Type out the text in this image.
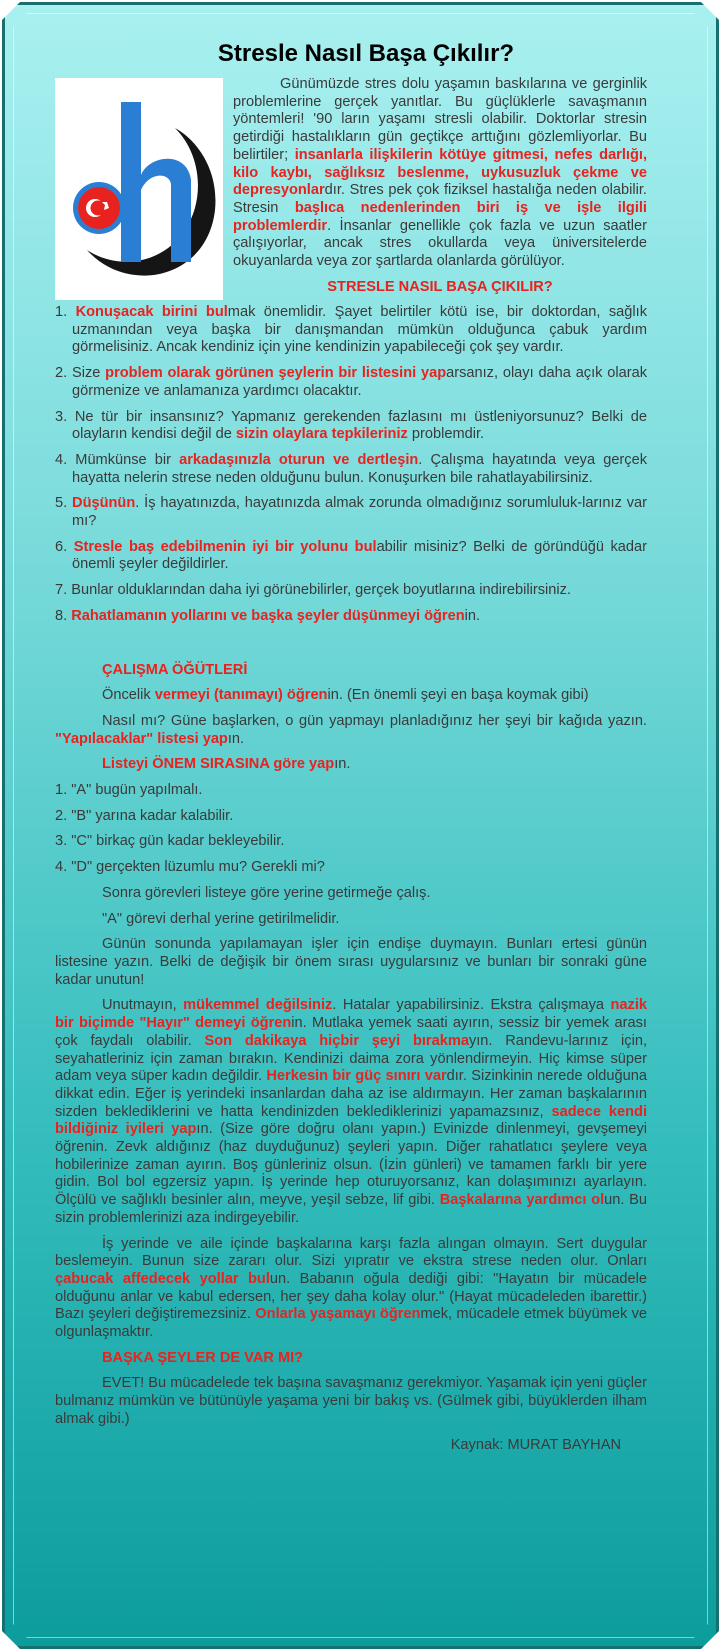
Stresle Nasıl Başa Çıkılır?

Günümüzde stres dolu yaşamın baskılarına ve gerginlik problemlerine gerçek yanıtlar. Bu güçlüklerle savaşmanın yöntemleri! '90 ların yaşamı stresli olabilir. Doktorlar stresin getirdiği hastalıkların gün geçtikçe arttığını gözlemliyorlar. Bu belirtiler; insanlarla ilişkilerin kötüye gitmesi, nefes darlığı, kilo kaybı, sağlıksız beslenme, uykusuzluk çekme ve depresyonlardır. Stres pek çok fiziksel hastalığa neden olabilir. Stresin başlıca nedenlerinden biri iş ve işle ilgili problemlerdir. İnsanlar genellikle çok fazla ve uzun saatler çalışıyorlar, ancak stres okullarda veya üniversitelerde okuyanlarda veya zor şartlarda olanlarda görülüyor.

STRESLE NASIL BAŞA ÇIKILIR?
1. Konuşacak birini bulmak önemlidir. Şayet belirtiler kötü ise, bir doktordan, sağlık uzmanından veya başka bir danışmandan mümkün olduğunca çabuk yardım görmelisiniz. Ancak kendiniz için yine kendinizin yapabileceği çok şey vardır.
2. Size problem olarak görünen şeylerin bir listesini yaparsanız, olayı daha açık olarak görmenize ve anlamanıza yardımcı olacaktır.
3. Ne tür bir insansınız? Yapmanız gerekenden fazlasını mı üstleniyorsunuz? Belki de olayların kendisi değil de sizin olaylara tepkileriniz problemdir.
4. Mümkünse bir arkadaşınızla oturun ve dertleşin. Çalışma hayatında veya gerçek hayatta nelerin strese neden olduğunu bulun. Konuşurken bile rahatlayabilirsiniz.
5. Düşünün. İş hayatınızda, hayatınızda almak zorunda olmadığınız sorumluluk-larınız var mı?
6. Stresle baş edebilmenin iyi bir yolunu bulabilir misiniz? Belki de göründüğü kadar önemli şeyler değildirler.
7. Bunlar olduklarından daha iyi görünebilirler, gerçek boyutlarına indirebilirsiniz.
8. Rahatlamanın yollarını ve başka şeyler düşünmeyi öğrenin.
ÇALIŞMA ÖĞÜTLERİ

Öncelik vermeyi (tanımayı) öğrenin. (En önemli şeyi en başa koymak gibi)

Nasıl mı? Güne başlarken, o gün yapmayı planladığınız her şeyi bir kağıda yazın. "Yapılacaklar" listesi yapın.

Listeyi ÖNEM SIRASINA göre yapın.

1. "A" bugün yapılmalı.
2. "B" yarına kadar kalabilir.
3. "C" birkaç gün kadar bekleyebilir.
4. "D" gerçekten lüzumlu mu? Gerekli mi?

Sonra görevleri listeye göre yerine getirmeğe çalış.

"A" görevi derhal yerine getirilmelidir.

Günün sonunda yapılamayan işler için endişe duymayın. Bunları ertesi günün listesine yazın. Belki de değişik bir önem sırası uygularsınız ve bunları bir sonraki güne kadar unutun!

Unutmayın, mükemmel değilsiniz. Hatalar yapabilirsiniz. Ekstra çalışmaya nazik bir biçimde "Hayır" demeyi öğrenin. Mutlaka yemek saati ayırın, sessiz bir yemek arası çok faydalı olabilir. Son dakikaya hiçbir şeyi bırakmayın. Randevu-larınız için, seyahatleriniz için zaman bırakın. Kendinizi daima zora yönlendirmeyin. Hiç kimse süper adam veya süper kadın değildir. Herkesin bir güç sınırı vardır. Sizinkinin nerede olduğuna dikkat edin. Eğer iş yerindeki insanlardan daha az ise aldırmayın. Her zaman başkalarının sizden beklediklerini ve hatta kendinizden beklediklerinizi yapamazsınız, sadece kendi bildiğiniz iyileri yapın. (Size göre doğru olanı yapın.) Evinizde dinlenmeyi, gevşemeyi öğrenin. Zevk aldığınız (haz duyduğunuz) şeyleri yapın. Diğer rahatlatıcı şeylere veya hobilerinize zaman ayırın. Boş günleriniz olsun. (İzin günleri) ve tamamen farklı bir yere gidin. Bol bol egzersiz yapın. İş yerinde hep oturuyorsanız, kan dolaşımınızı ayarlayın. Ölçülü ve sağlıklı besinler alın, meyve, yeşil sebze, lif gibi. Başkalarına yardımcı olun. Bu sizin problemlerinizi aza indirgeyebilir.

İş yerinde ve aile içinde başkalarına karşı fazla alıngan olmayın. Sert duygular beslemeyin. Bunun size zararı olur. Sizi yıpratır ve ekstra strese neden olur. Onları çabucak affedecek yollar bulun. Babanın oğula dediği gibi: "Hayatın bir mücadele olduğunu anlar ve kabul edersen, her şey daha kolay olur." (Hayat mücadeleden ibarettir.) Bazı şeyleri değiştiremezsiniz. Onlarla yaşamayı öğrenmek, mücadele etmek büyümek ve olgunlaşmaktır.

BAŞKA ŞEYLER DE VAR MI?

EVET! Bu mücadelede tek başına savaşmanız gerekmiyor. Yaşamak için yeni güçler bulmanız mümkün ve bütünüyle yaşama yeni bir bakış vs. (Gülmek gibi, büyüklerden ilham almak gibi.)

Kaynak: MURAT BAYHAN
